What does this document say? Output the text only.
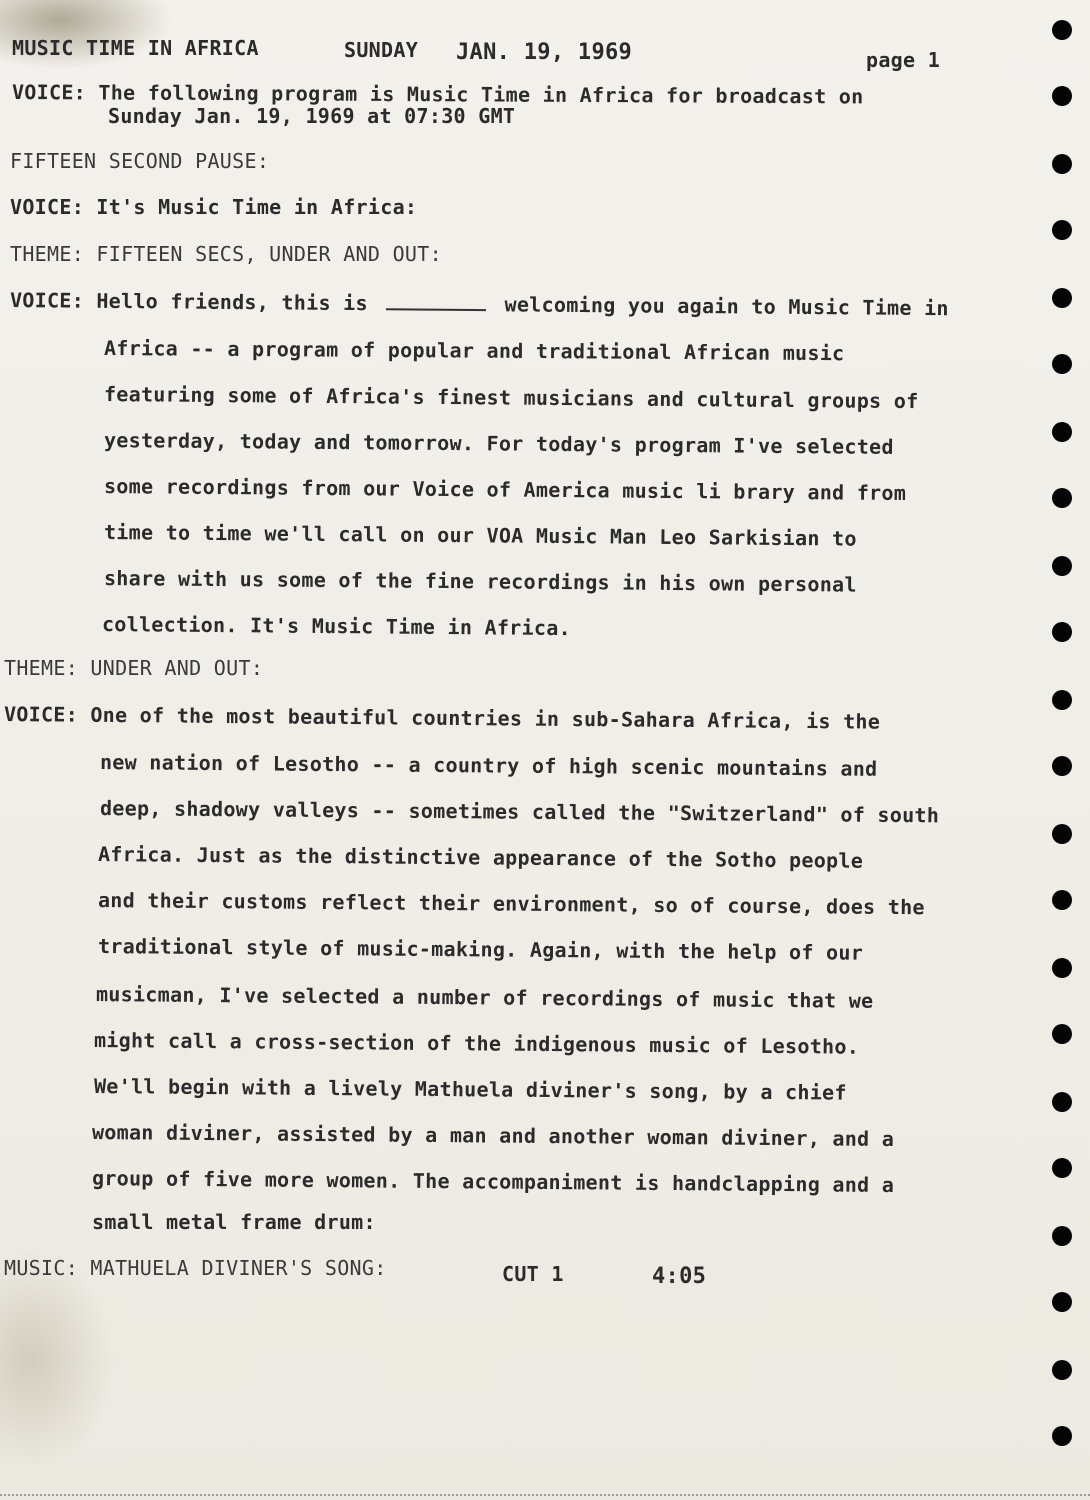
MUSIC TIME IN AFRICA	SUNDAY JAN. 19, 1969	page 1
VOICE: The following program is Music Time in Africa for broadcast on
Sunday Jan. 19, 1969 at 07:30 GMT
FIFTEEN SECOND PAUSE:
VOICE: It's Music Time in Africa:
THEME: FIFTEEN SECS, UNDER AND OUT:
VOICE: Hello friends, this is	welcoming you again to Music Time in
Africa -- a program of popular and traditional African music
featuring some of Africa's finest musicians and cultural groups of
yesterday, today and tomorrow. For today's program I've selected
some recordings from our Voice of America music li brary and from
time to time we'll call on our VOA Music Man Leo Sarkisian to
share with us some of the fine recordings in his own personal
collection. It's Music Time in Africa.
THEME: UNDER AND OUT:
VOICE: One of the most beautiful countries in sub-Sahara Africa, is the
new nation of Lesotho -- a country of high scenic mountains and
deep, shadowy valleys -- sometimes called the "Switzerland" of south
Africa. Just as the distinctive appearance of the Sotho people
and their customs reflect their environment, so of course, does the
traditional style of music-making. Again, with the help of our
musicman, I've selected a number of recordings of music that we
might call a cross-section of the indigenous music of Lesotho.
We'll begin with a lively Mathuela diviner's song, by a chief
woman diviner, assisted by a man and another woman diviner, and a
group of five more women. The accompaniment is handclapping and a
small metal frame drum:
MUSIC: MATHUELA DIVINER'S SONG:	CUT 1	4:05
